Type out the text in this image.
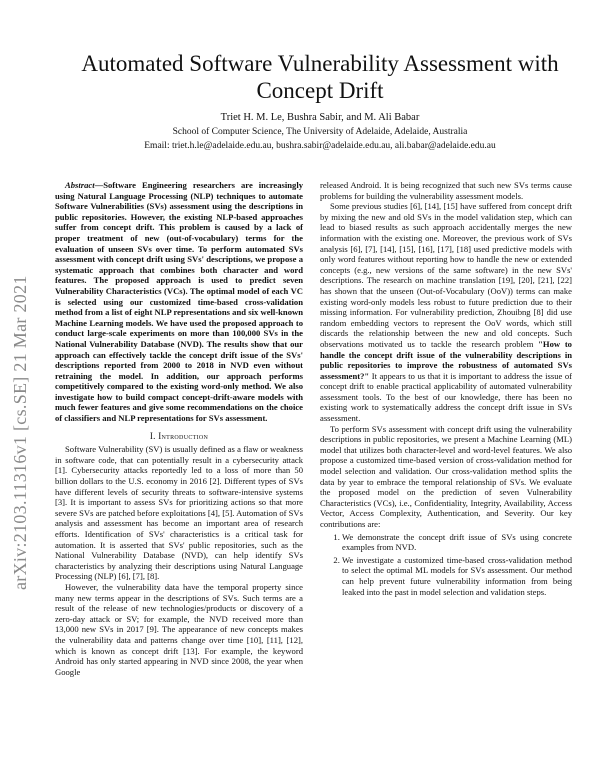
arXiv:2103.11316v1 [cs.SE] 21 Mar 2021
Automated Software Vulnerability Assessment with Concept Drift
Triet H. M. Le, Bushra Sabir, and M. Ali Babar
School of Computer Science, The University of Adelaide, Adelaide, Australia
Email: triet.h.le@adelaide.edu.au, bushra.sabir@adelaide.edu.au, ali.babar@adelaide.edu.au

Abstract—Software Engineering researchers are increasingly using Natural Language Processing (NLP) techniques to automate Software Vulnerabilities (SVs) assessment using the descriptions in public repositories. However, the existing NLP-based approaches suffer from concept drift. This problem is caused by a lack of proper treatment of new (out-of-vocabulary) terms for the evaluation of unseen SVs over time. To perform automated SVs assessment with concept drift using SVs' descriptions, we propose a systematic approach that combines both character and word features. The proposed approach is used to predict seven Vulnerability Characteristics (VCs). The optimal model of each VC is selected using our customized time-based cross-validation method from a list of eight NLP representations and six well-known Machine Learning models. We have used the proposed approach to conduct large-scale experiments on more than 100,000 SVs in the National Vulnerability Database (NVD). The results show that our approach can effectively tackle the concept drift issue of the SVs' descriptions reported from 2000 to 2018 in NVD even without retraining the model. In addition, our approach performs competitively compared to the existing word-only method. We also investigate how to build compact concept-drift-aware models with much fewer features and give some recommendations on the choice of classifiers and NLP representations for SVs assessment.

I. Introduction

Software Vulnerability (SV) is usually defined as a flaw or weakness in software code, that can potentially result in a cybersecurity attack [1]. Cybersecurity attacks reportedly led to a loss of more than 50 billion dollars to the U.S. economy in 2016 [2]. Different types of SVs have different levels of security threats to software-intensive systems [3]. It is important to assess SVs for prioritizing actions so that more severe SVs are patched before exploitations [4], [5]. Automation of SVs analysis and assessment has become an important area of research efforts. Identification of SVs' characteristics is a critical task for automation. It is asserted that SVs' public repositories, such as the National Vulnerability Database (NVD), can help identify SVs characteristics by analyzing their descriptions using Natural Language Processing (NLP) [6], [7], [8].

However, the vulnerability data have the temporal property since many new terms appear in the descriptions of SVs. Such terms are a result of the release of new technologies/products or discovery of a zero-day attack or SV; for example, the NVD received more than 13,000 new SVs in 2017 [9]. The appearance of new concepts makes the vulnerability data and patterns change over time [10], [11], [12], which is known as concept drift [13]. For example, the keyword Android has only started appearing in NVD since 2008, the year when Google

released Android. It is being recognized that such new SVs terms cause problems for building the vulnerability assessment models.

Some previous studies [6], [14], [15] have suffered from concept drift by mixing the new and old SVs in the model validation step, which can lead to biased results as such approach accidentally merges the new information with the existing one. Moreover, the previous work of SVs analysis [6], [7], [14], [15], [16], [17], [18] used predictive models with only word features without reporting how to handle the new or extended concepts (e.g., new versions of the same software) in the new SVs' descriptions. The research on machine translation [19], [20], [21], [22] has shown that the unseen (Out-of-Vocabulary (OoV)) terms can make existing word-only models less robust to future prediction due to their missing information. For vulnerability prediction, Zhouibng [8] did use random embedding vectors to represent the OoV words, which still discards the relationship between the new and old concepts. Such observations motivated us to tackle the research problem "How to handle the concept drift issue of the vulnerability descriptions in public repositories to improve the robustness of automated SVs assessment?" It appears to us that it is important to address the issue of concept drift to enable practical applicability of automated vulnerability assessment tools. To the best of our knowledge, there has been no existing work to systematically address the concept drift issue in SVs assessment.

To perform SVs assessment with concept drift using the vulnerability descriptions in public repositories, we present a Machine Learning (ML) model that utilizes both character-level and word-level features. We also propose a customized time-based version of cross-validation method for model selection and validation. Our cross-validation method splits the data by year to embrace the temporal relationship of SVs. We evaluate the proposed model on the prediction of seven Vulnerability Characteristics (VCs), i.e., Confidentiality, Integrity, Availability, Access Vector, Access Complexity, Authentication, and Severity. Our key contributions are:

1. We demonstrate the concept drift issue of SVs using concrete examples from NVD.
2. We investigate a customized time-based cross-validation method to select the optimal ML models for SVs assessment. Our method can help prevent future vulnerability information from being leaked into the past in model selection and validation steps.
